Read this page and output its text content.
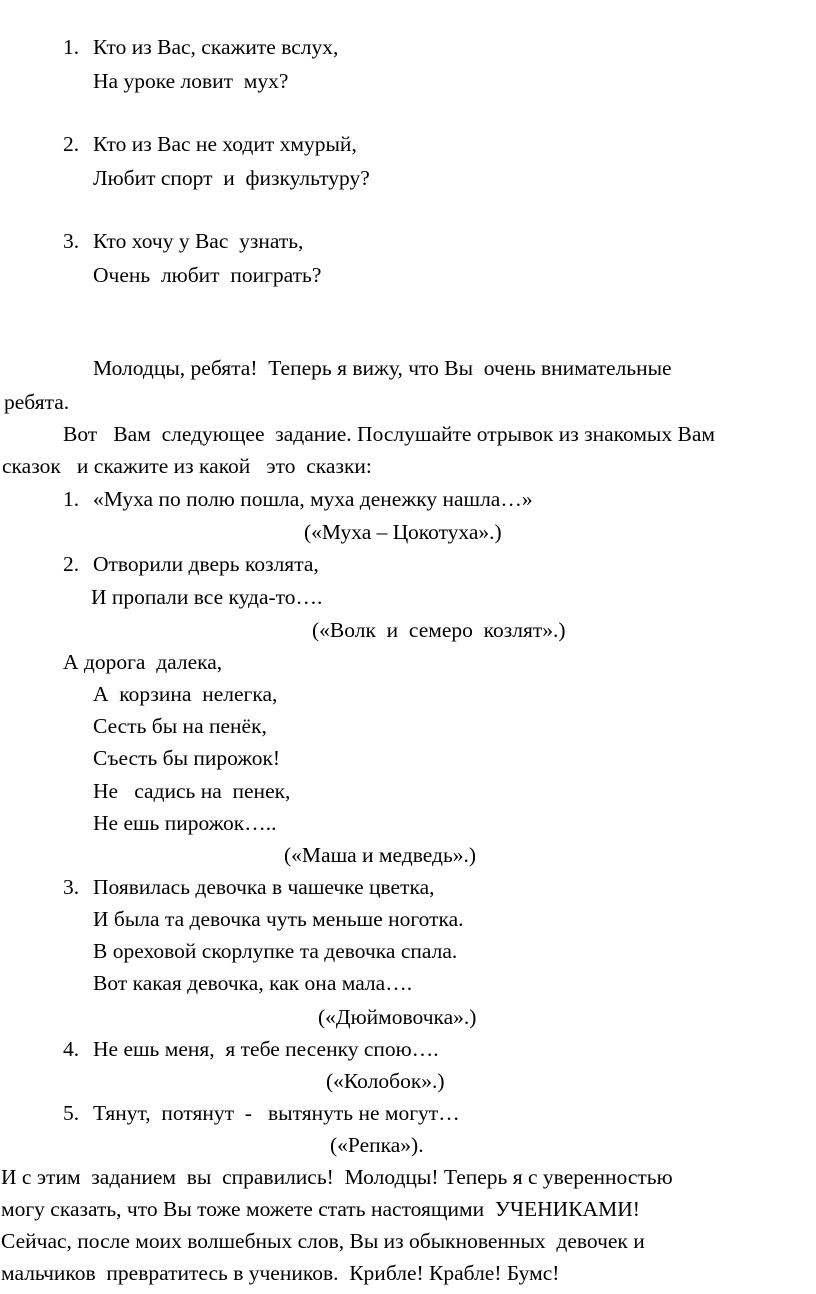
1. Кто из Вас, скажите вслух,
На уроке ловит  мух?
2. Кто из Вас не ходит хмурый,
Любит спорт  и  физкультуру?
3. Кто хочу у Вас  узнать,
Очень  любит  поиграть?
Молодцы, ребята!  Теперь я вижу, что Вы  очень внимательные
ребята.
Вот   Вам  следующее  задание. Послушайте отрывок из знакомых Вам
сказок   и скажите из какой   это  сказки:
1. «Муха по полю пошла, муха денежку нашла…»
(«Муха – Цокотуха».)
2. Отворили дверь козлята,
И пропали все куда-то….
(«Волк  и  семеро  козлят».)
А дорога  далека,
А  корзина  нелегка,
Сесть бы на пенёк,
Съесть бы пирожок!
Не   садись на  пенек,
Не ешь пирожок…..
(«Маша и медведь».)
3. Появилась девочка в чашечке цветка,
И была та девочка чуть меньше ноготка.
В ореховой скорлупке та девочка спала.
Вот какая девочка, как она мала….
(«Дюймовочка».)
4. Не ешь меня,  я тебе песенку спою….
(«Колобок».)
5. Тянут,  потянут  -   вытянуть не могут…
(«Репка»).
И с этим  заданием  вы  справились!  Молодцы! Теперь я с уверенностью
могу сказать, что Вы тоже можете стать настоящими  УЧЕНИКАМИ!
Сейчас, после моих волшебных слов, Вы из обыкновенных  девочек и
мальчиков  превратитесь в учеников.  Крибле! Крабле! Бумс!
